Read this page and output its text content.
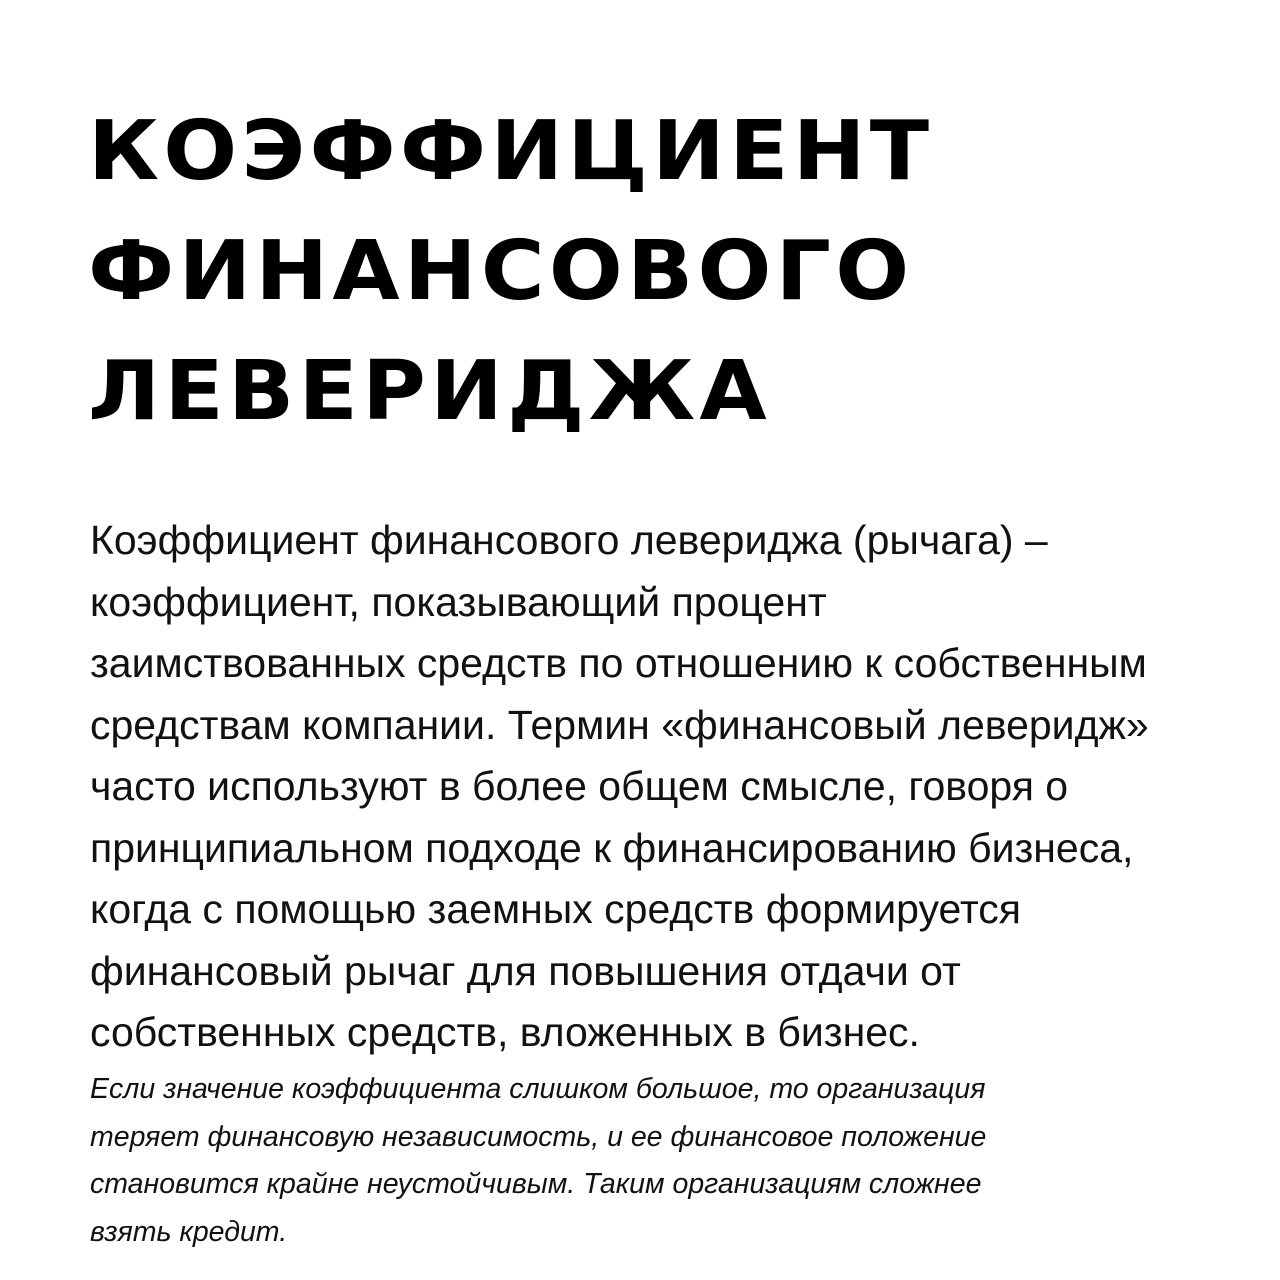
КОЭФФИЦИЕНТ
ФИНАНСОВОГО
ЛЕВЕРИДЖА

Коэффициент финансового левериджа (рычага) –
коэффициент, показывающий процент
заимствованных средств по отношению к собственным
средствам компании. Термин «финансовый леверидж»
часто используют в более общем смысле, говоря о
принципиальном подходе к финансированию бизнеса,
когда с помощью заемных средств формируется
финансовый рычаг для повышения отдачи от
собственных средств, вложенных в бизнес.

Если значение коэффициента слишком большое, то организация
теряет финансовую независимость, и ее финансовое положение
становится крайне неустойчивым. Таким организациям сложнее
взять кредит.
